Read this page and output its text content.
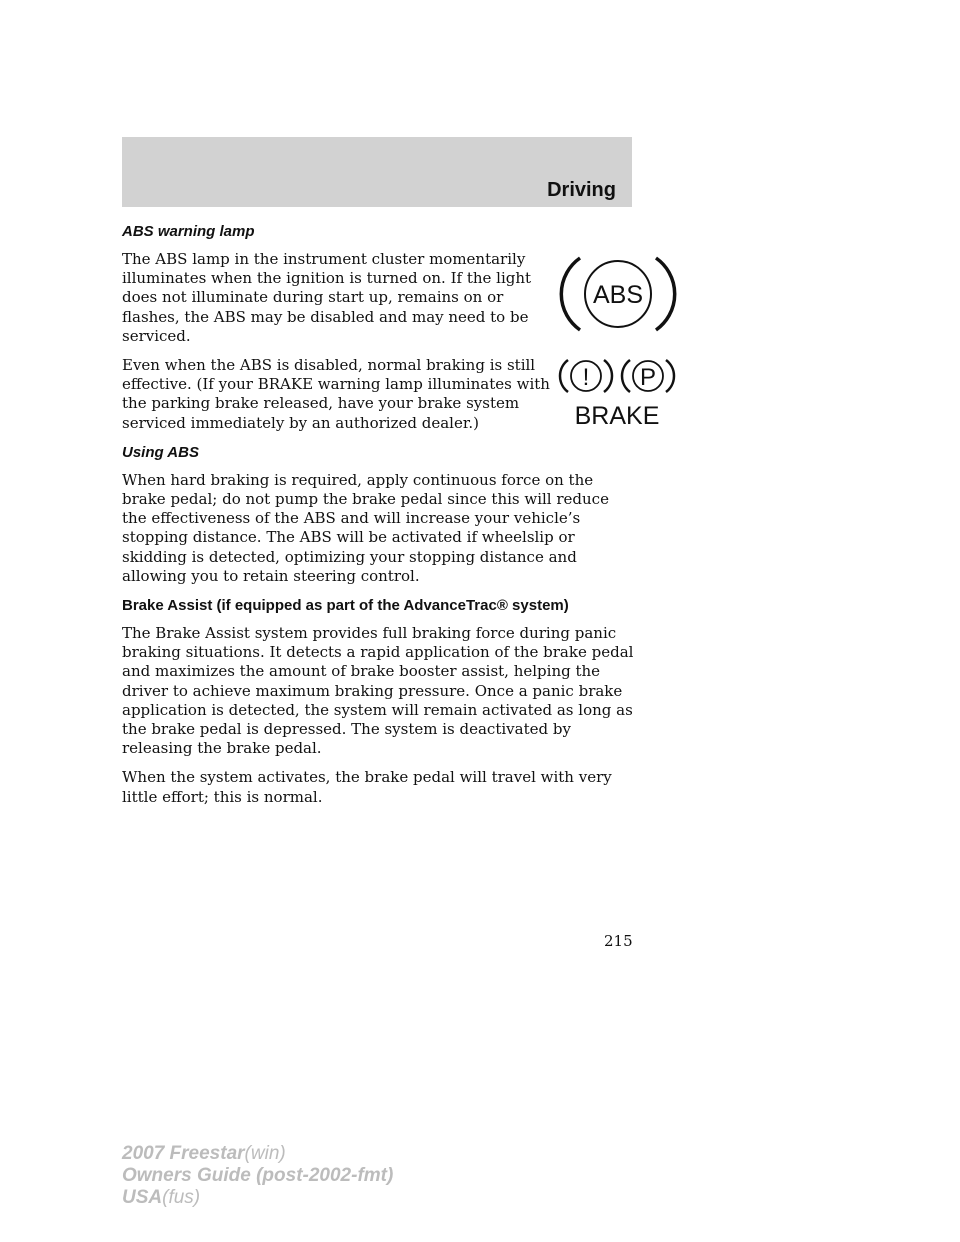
Driving
ABS warning lamp
ABS

The ABS lamp in the instrument cluster momentarily illuminates when the ignition is turned on. If the light does not illuminate during start up, remains on or flashes, the ABS may be disabled and may need to be serviced.

! P
BRAKE

Even when the ABS is disabled, normal braking is still effective. (If your BRAKE warning lamp illuminates with the parking brake released, have your brake system serviced immediately by an authorized dealer.)

Using ABS

When hard braking is required, apply continuous force on the brake pedal; do not pump the brake pedal since this will reduce the effectiveness of the ABS and will increase your vehicle’s stopping distance. The ABS will be activated if wheelslip or skidding is detected, optimizing your stopping distance and allowing you to retain steering control.

Brake Assist (if equipped as part of the AdvanceTrac® system)

The Brake Assist system provides full braking force during panic braking situations. It detects a rapid application of the brake pedal and maximizes the amount of brake booster assist, helping the driver to achieve maximum braking pressure. Once a panic brake application is detected, the system will remain activated as long as the brake pedal is depressed. The system is deactivated by releasing the brake pedal.

When the system activates, the brake pedal will travel with very little effort; this is normal.

215

2007 Freestar(win)
Owners Guide (post-2002-fmt)
USA(fus)
